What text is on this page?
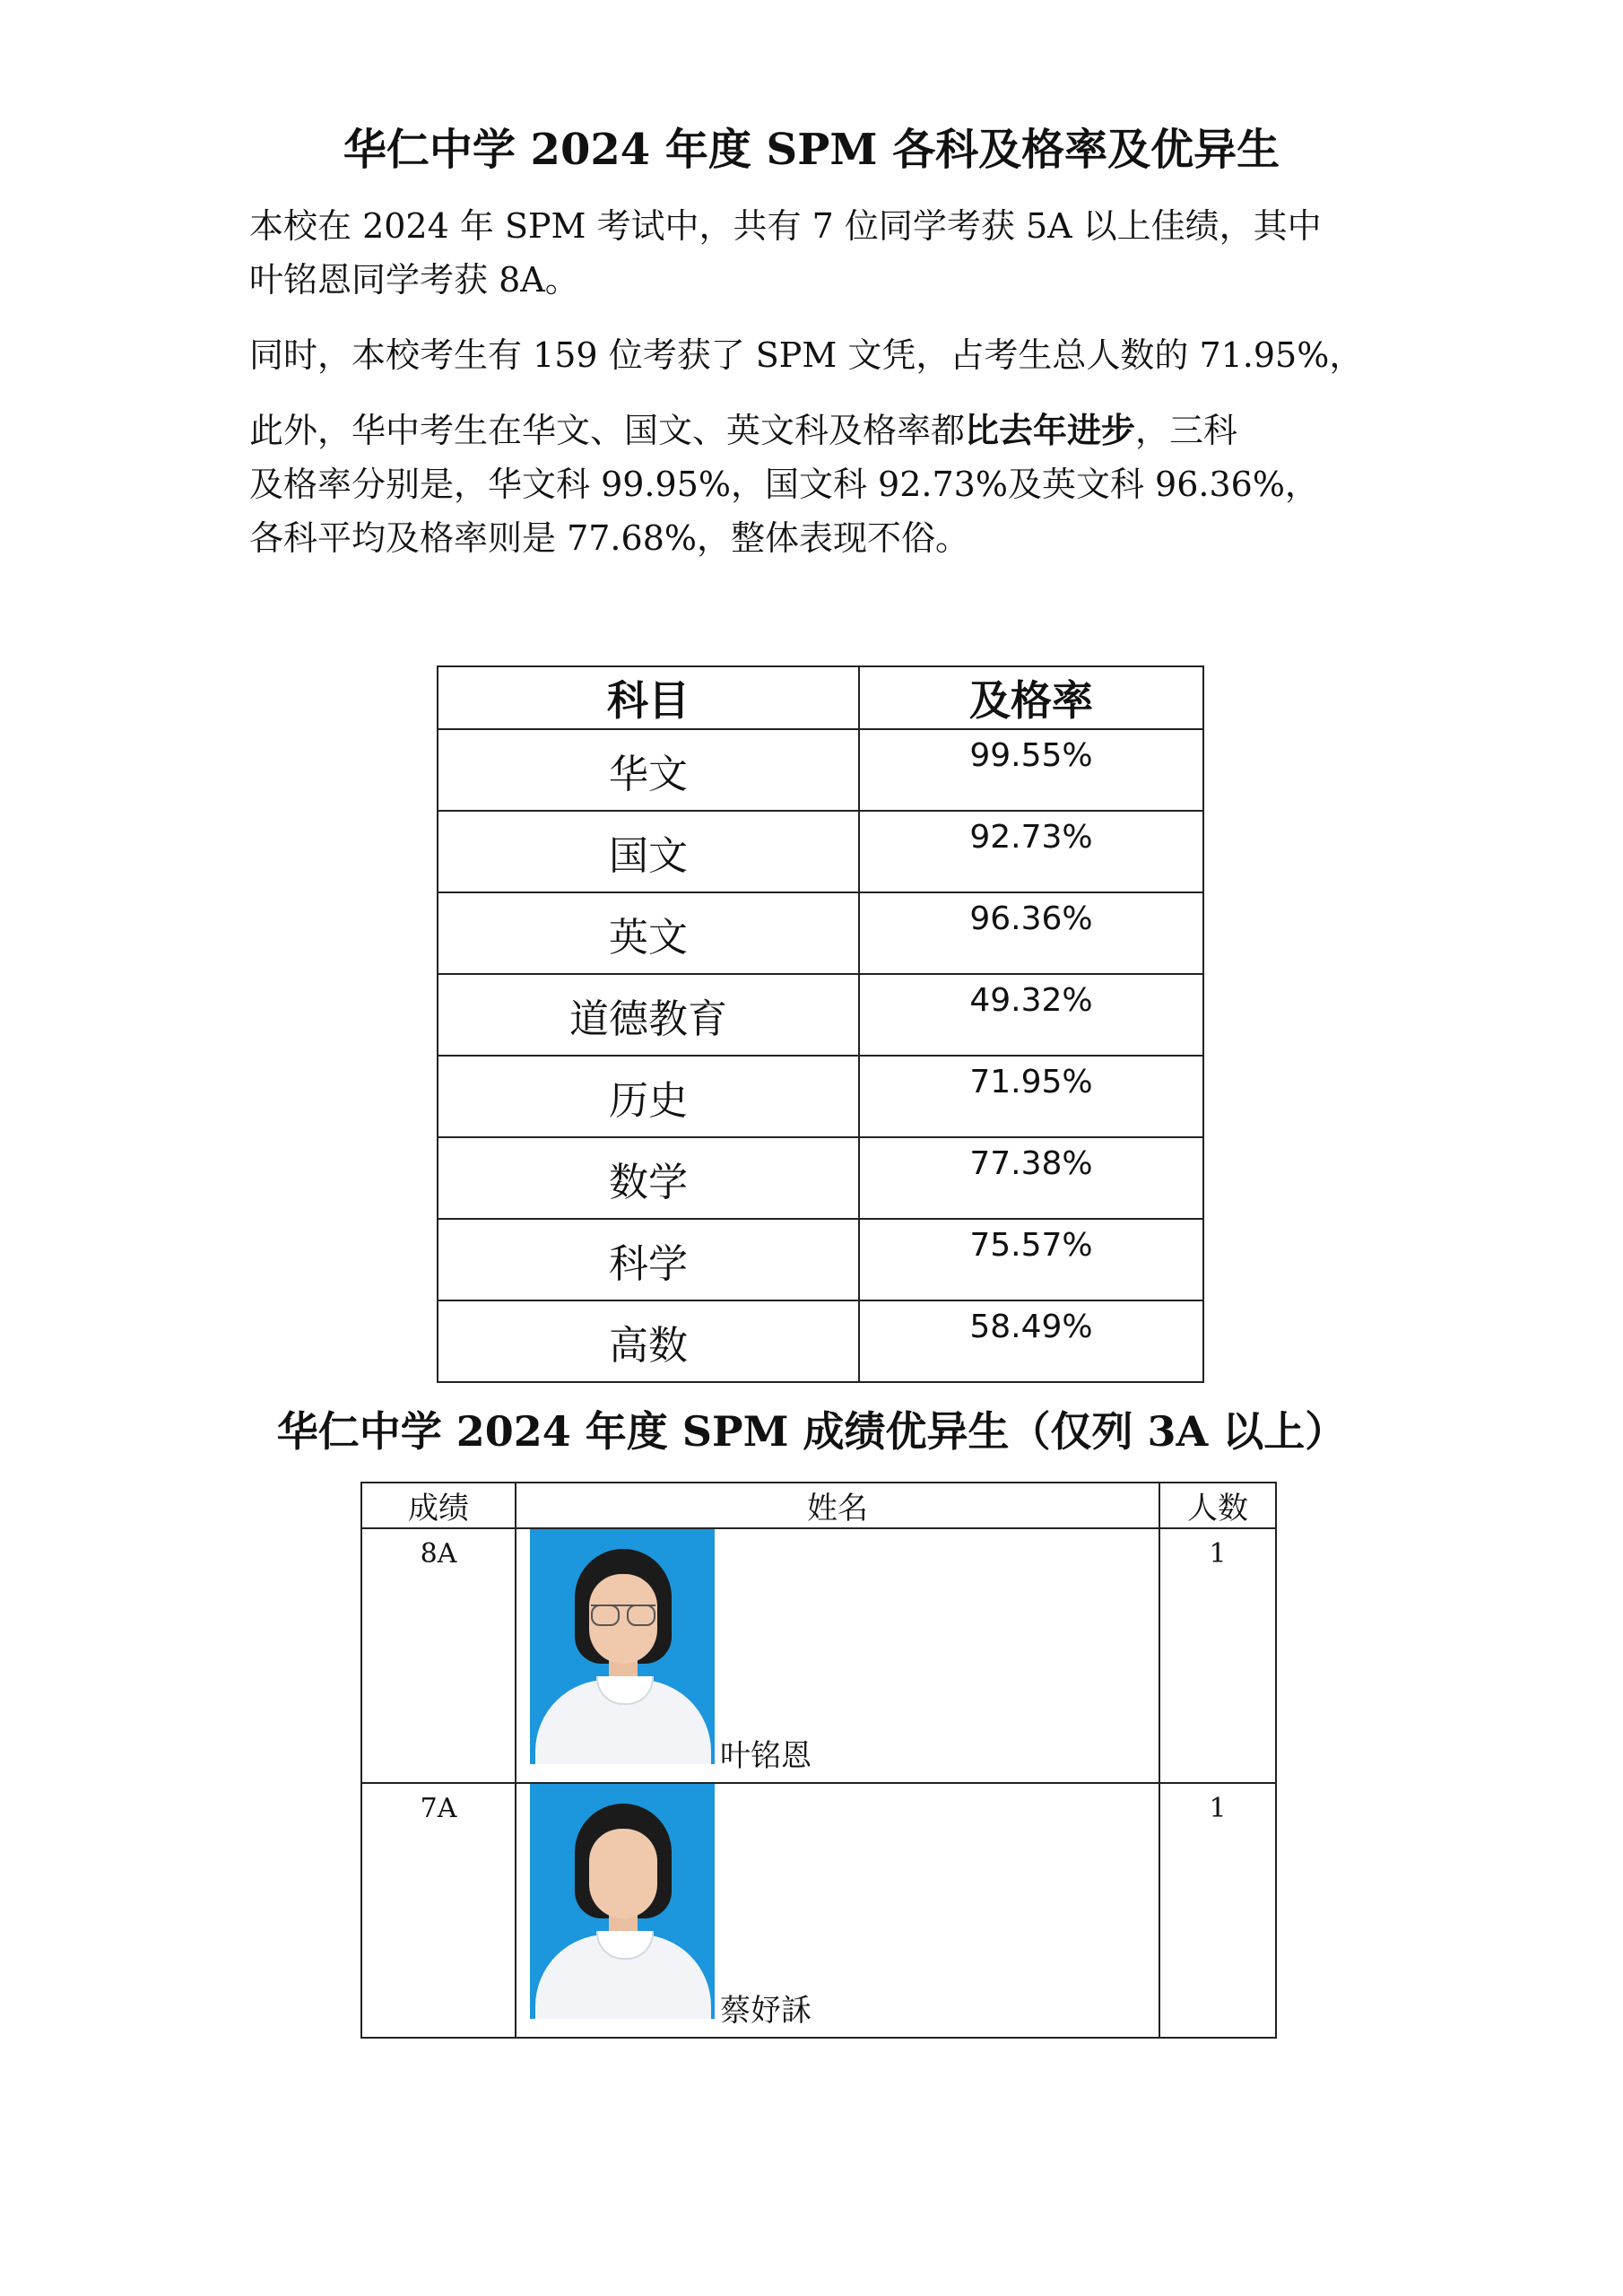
华仁中学 2024 年度 SPM 各科及格率及优异生

本校在 2024 年 SPM 考试中，共有 7 位同学考获 5A 以上佳绩，其中
叶铭恩同学考获 8A。

同时，本校考生有 159 位考获了 SPM 文凭，占考生总人数的 71.95%，

此外，华中考生在华文、国文、英文科及格率都比去年进步，三科
及格率分别是，华文科 99.95%，国文科 92.73%及英文科 96.36%，
各科平均及格率则是 77.68%，整体表现不俗。

科目	及格率
华文	99.55%
国文	92.73%
英文	96.36%
道德教育	49.32%
历史	71.95%
数学	77.38%
科学	75.57%
高数	58.49%
华仁中学 2024 年度 SPM 成绩优异生（仅列 3A 以上）
成绩	姓名	人数
8A	叶铭恩	1
7A	蔡妤訸	1
